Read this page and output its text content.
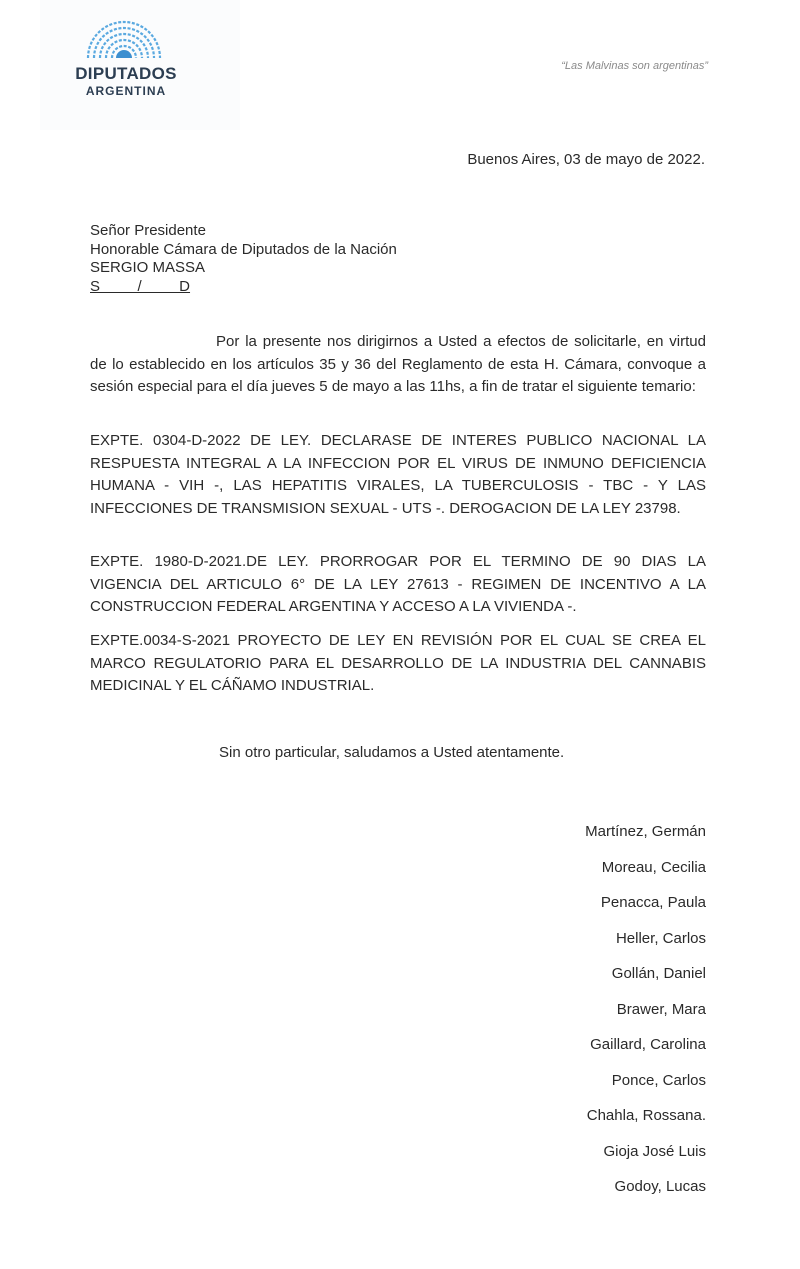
DIPUTADOS
ARGENTINA
“Las Malvinas son argentinas”
Buenos Aires, 03 de mayo de 2022.
Señor Presidente
Honorable Cámara de Diputados de la Nación
SERGIO MASSA
S         /         D

Por la presente nos dirigirnos a Usted a efectos de solicitarle, en virtud de lo establecido en los artículos 35 y 36 del Reglamento de esta H. Cámara, convoque a sesión especial para el día jueves 5 de mayo a las 11hs, a fin de tratar el siguiente temario:

EXPTE. 0304-D-2022 DE LEY. DECLARASE DE INTERES PUBLICO NACIONAL LA RESPUESTA INTEGRAL A LA INFECCION POR EL VIRUS DE INMUNO DEFICIENCIA HUMANA - VIH -, LAS HEPATITIS VIRALES, LA TUBERCULOSIS - TBC - Y LAS INFECCIONES DE TRANSMISION SEXUAL - UTS -. DEROGACION DE LA LEY 23798.

EXPTE. 1980-D-2021.DE LEY. PRORROGAR POR EL TERMINO DE 90 DIAS LA VIGENCIA DEL ARTICULO 6° DE LA LEY 27613 - REGIMEN DE INCENTIVO A LA CONSTRUCCION FEDERAL ARGENTINA Y ACCESO A LA VIVIENDA -.

EXPTE.0034-S-2021 PROYECTO DE LEY EN REVISIÓN POR EL CUAL SE CREA EL MARCO REGULATORIO PARA EL DESARROLLO DE LA INDUSTRIA DEL CANNABIS MEDICINAL Y EL CÁÑAMO INDUSTRIAL.

Sin otro particular, saludamos a Usted atentamente.
Martínez, Germán
Moreau, Cecilia
Penacca, Paula
Heller, Carlos
Gollán, Daniel
Brawer, Mara
Gaillard, Carolina
Ponce, Carlos
Chahla, Rossana.
Gioja José Luis
Godoy, Lucas
